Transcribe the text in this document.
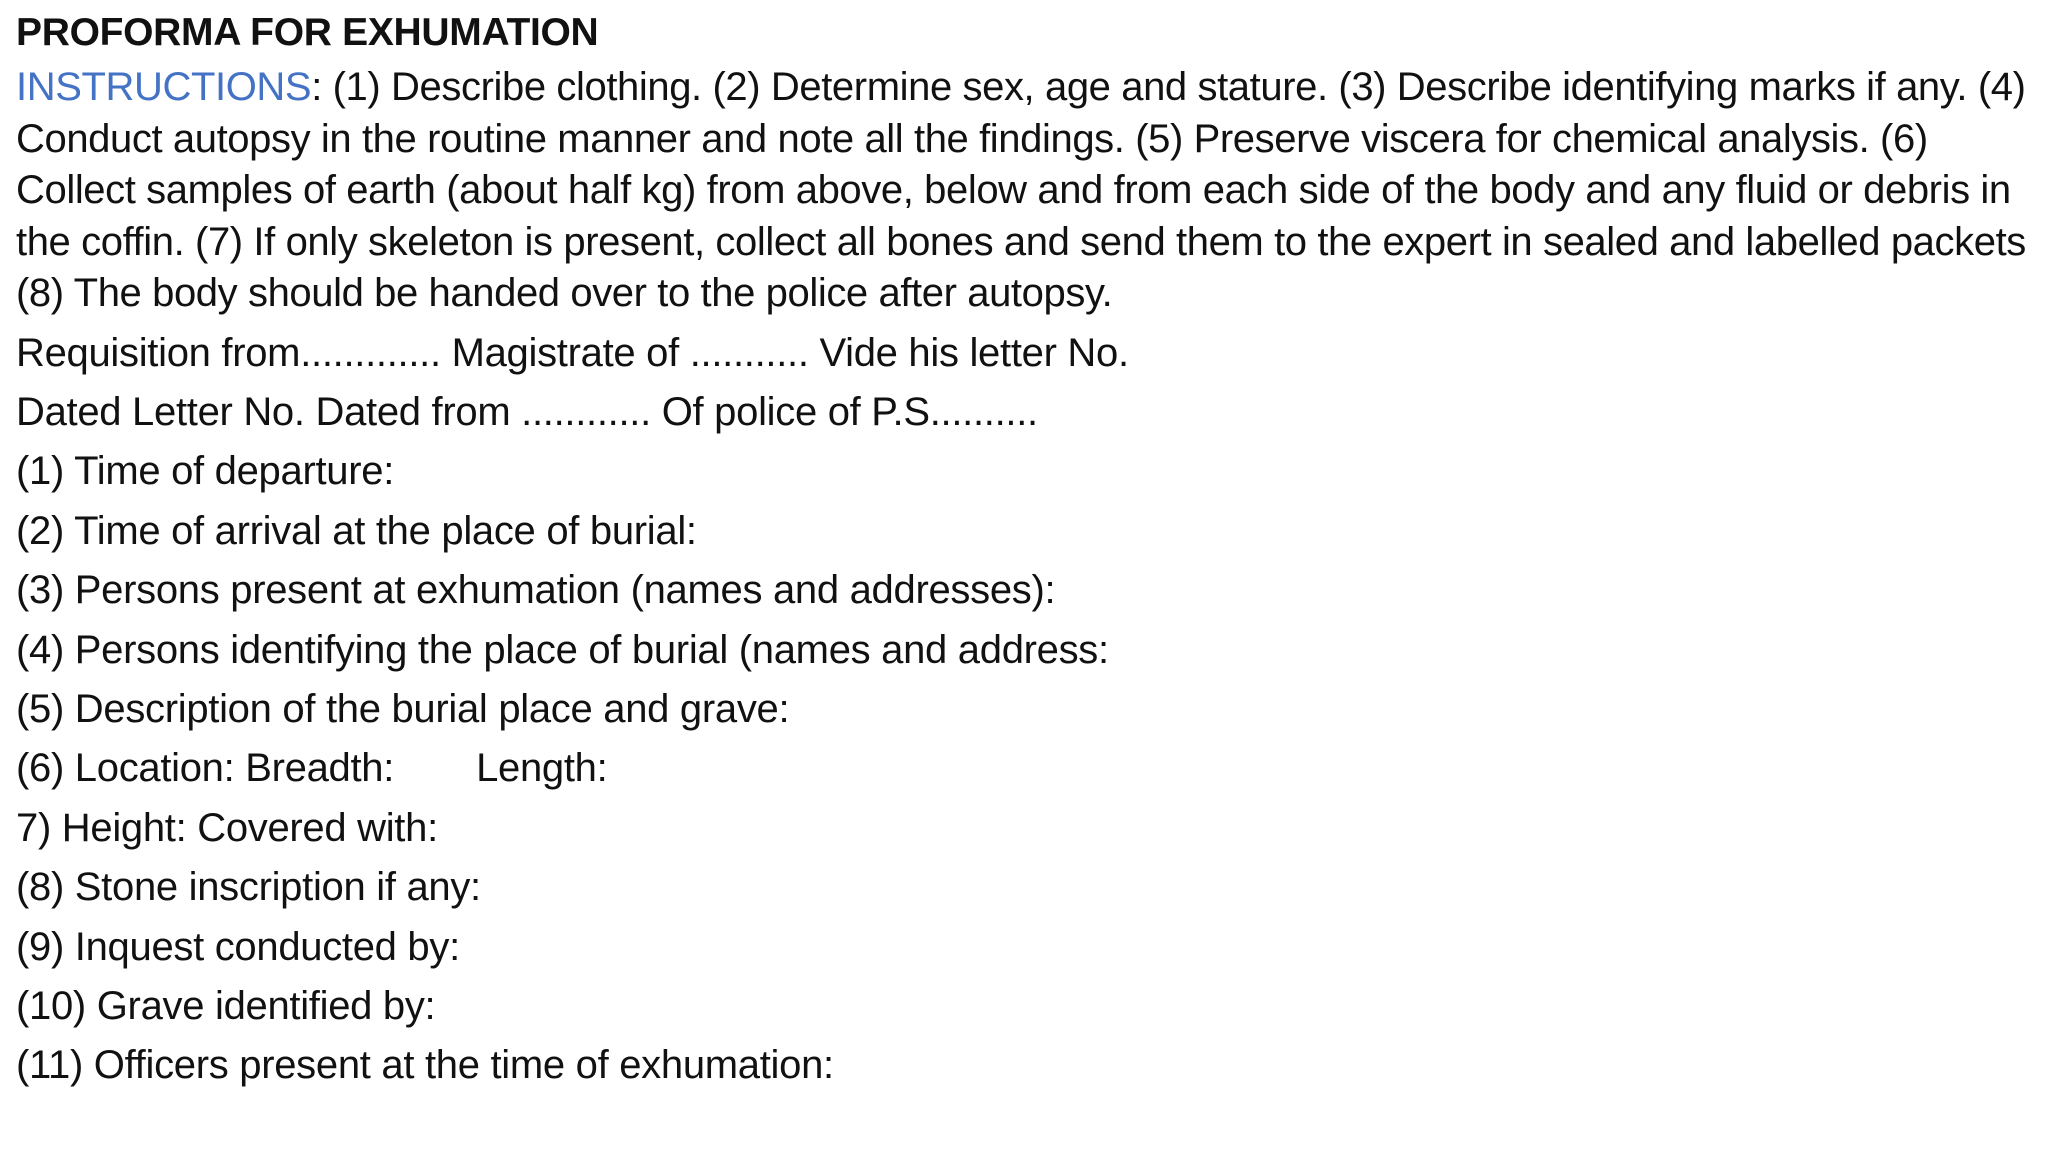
PROFORMA FOR EXHUMATION
INSTRUCTIONS: (1) Describe clothing. (2) Determine sex, age and stature. (3) Describe identifying marks if any. (4) Conduct autopsy in the routine manner and note all the findings. (5) Preserve viscera for chemical analysis. (6) Collect samples of earth (about half kg) from above, below and from each side of the body and any fluid or debris in the coffin. (7) If only skeleton is present, collect all bones and send them to the expert in sealed and labelled packets (8) The body should be handed over to the police after autopsy.
Requisition from............. Magistrate of ........... Vide his letter No.
Dated Letter No. Dated from ............ Of police of P.S..........
(1) Time of departure:
(2) Time of arrival at the place of burial:
(3) Persons present at exhumation (names and addresses):
(4) Persons identifying the place of burial (names and address:
(5) Description of the burial place and grave:
(6) Location: Breadth: Length:
7) Height: Covered with:
(8) Stone inscription if any:
(9) Inquest conducted by:
(10) Grave identified by:
(11) Officers present at the time of exhumation:
